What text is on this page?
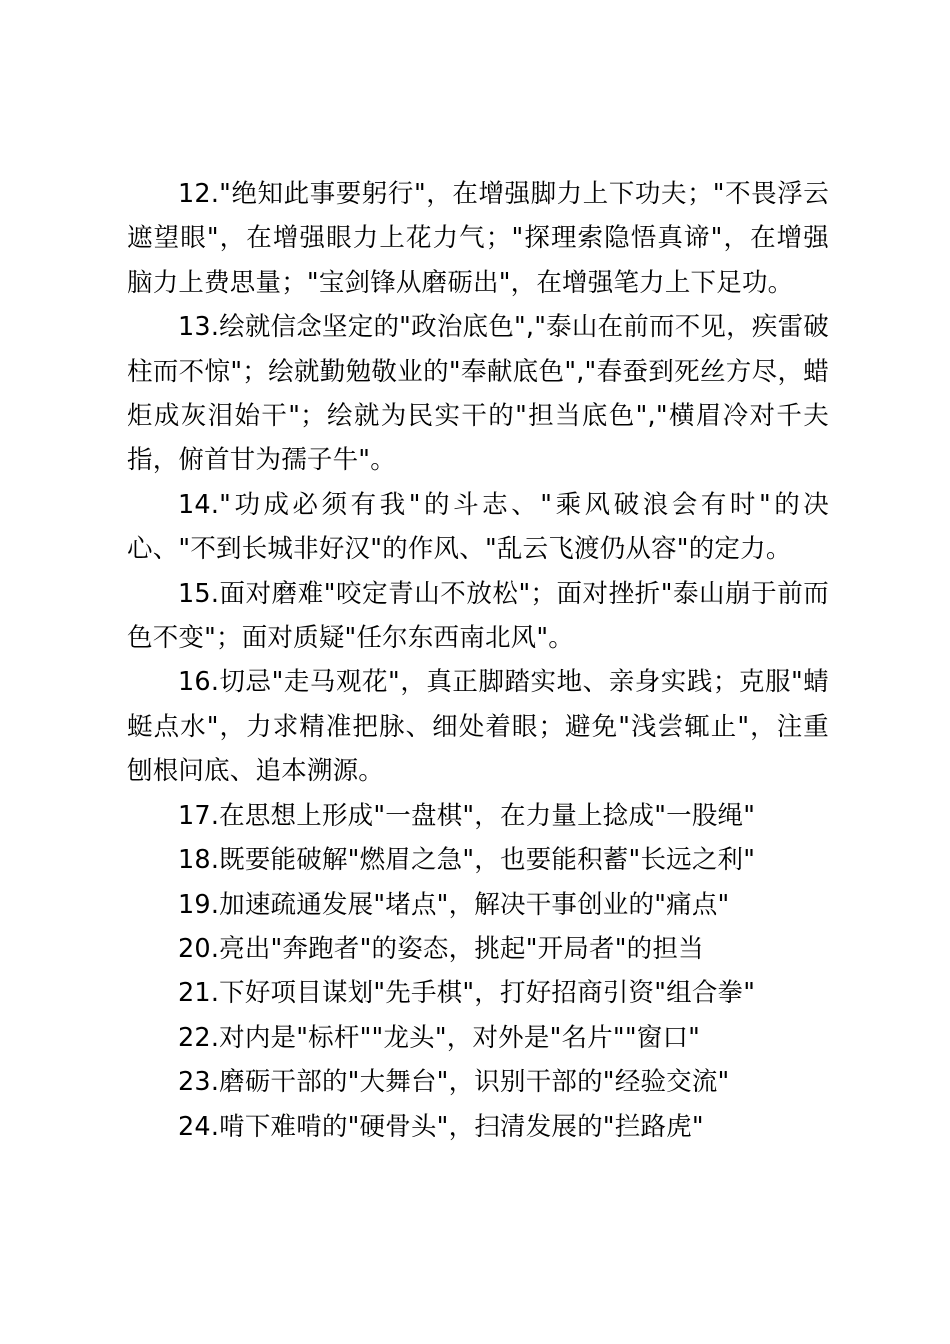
12."绝知此事要躬行"，在增强脚力上下功夫；"不畏浮云遮望眼"，在增强眼力上花力气；"探理索隐悟真谛"，在增强脑力上费思量；"宝剑锋从磨砺出"，在增强笔力上下足功。

13.绘就信念坚定的"政治底色","泰山在前而不见，疾雷破柱而不惊"；绘就勤勉敬业的"奉献底色","春蚕到死丝方尽，蜡炬成灰泪始干"；绘就为民实干的"担当底色","横眉冷对千夫指，俯首甘为孺子牛"。

14."功成必须有我"的斗志、"乘风破浪会有时"的决心、"不到长城非好汉"的作风、"乱云飞渡仍从容"的定力。

15.面对磨难"咬定青山不放松"；面对挫折"泰山崩于前而色不变"；面对质疑"任尔东西南北风"。

16.切忌"走马观花"，真正脚踏实地、亲身实践；克服"蜻蜓点水"，力求精准把脉、细处着眼；避免"浅尝辄止"，注重刨根问底、追本溯源。

17.在思想上形成"一盘棋"，在力量上捻成"一股绳"

18.既要能破解"燃眉之急"，也要能积蓄"长远之利"

19.加速疏通发展"堵点"，解决干事创业的"痛点"

20.亮出"奔跑者"的姿态，挑起"开局者"的担当

21.下好项目谋划"先手棋"，打好招商引资"组合拳"

22.对内是"标杆""龙头"，对外是"名片""窗口"

23.磨砺干部的"大舞台"，识别干部的"经验交流"

24.啃下难啃的"硬骨头"，扫清发展的"拦路虎"
